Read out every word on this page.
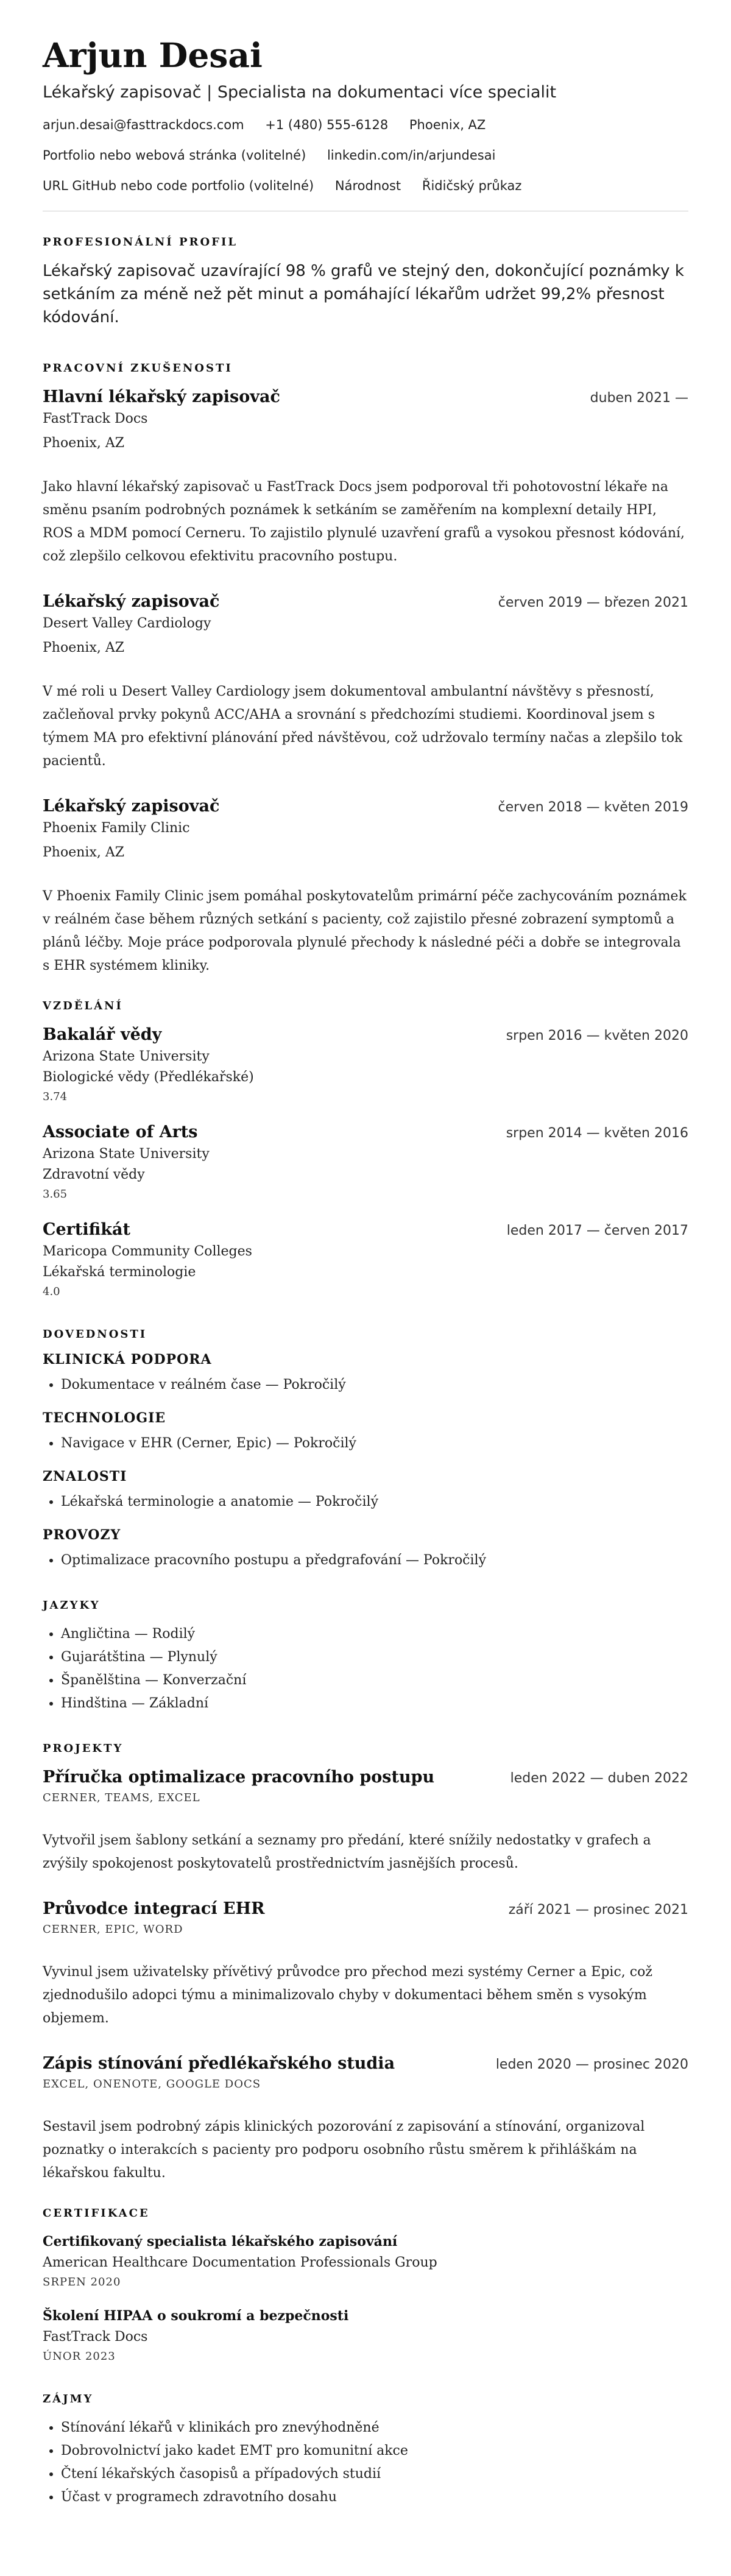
Arjun Desai
Lékařský zapisovač | Specialista na dokumentaci více specialit
arjun.desai@fasttrackdocs.com +1 (480) 555-6128 Phoenix, AZ
Portfolio nebo webová stránka (volitelné) linkedin.com/in/arjundesai
URL GitHub nebo code portfolio (volitelné) Národnost Řidičský průkaz
PROFESIONÁLNÍ PROFIL

Lékařský zapisovač uzavírající 98 % grafů ve stejný den, dokončující poznámky k setkáním za méně než pět minut a pomáhající lékařům udržet 99,2% přesnost kódování.

PRACOVNÍ ZKUŠENOSTI
Hlavní lékařský zapisovač	duben 2021 —
FastTrack Docs
Phoenix, AZ

Jako hlavní lékařský zapisovač u FastTrack Docs jsem podporoval tři pohotovostní lékaře na směnu psaním podrobných poznámek k setkáním se zaměřením na komplexní detaily HPI, ROS a MDM pomocí Cerneru. To zajistilo plynulé uzavření grafů a vysokou přesnost kódování, což zlepšilo celkovou efektivitu pracovního postupu.

Lékařský zapisovač	červen 2019 — březen 2021
Desert Valley Cardiology
Phoenix, AZ

V mé roli u Desert Valley Cardiology jsem dokumentoval ambulantní návštěvy s přesností, začleňoval prvky pokynů ACC/AHA a srovnání s předchozími studiemi. Koordinoval jsem s týmem MA pro efektivní plánování před návštěvou, což udržovalo termíny načas a zlepšilo tok pacientů.

Lékařský zapisovač	červen 2018 — květen 2019
Phoenix Family Clinic
Phoenix, AZ

V Phoenix Family Clinic jsem pomáhal poskytovatelům primární péče zachycováním poznámek v reálném čase během různých setkání s pacienty, což zajistilo přesné zobrazení symptomů a plánů léčby. Moje práce podporovala plynulé přechody k následné péči a dobře se integrovala s EHR systémem kliniky.

VZDĚLÁNÍ
Bakalář vědy	srpen 2016 — květen 2020
Arizona State University
Biologické vědy (Předlékařské)
3.74
Associate of Arts	srpen 2014 — květen 2016
Arizona State University
Zdravotní vědy
3.65
Certifikát	leden 2017 — červen 2017
Maricopa Community Colleges
Lékařská terminologie
4.0
DOVEDNOSTI
KLINICKÁ PODPORA
• Dokumentace v reálném čase — Pokročilý
TECHNOLOGIE
• Navigace v EHR (Cerner, Epic) — Pokročilý
ZNALOSTI
• Lékařská terminologie a anatomie — Pokročilý
PROVOZY
• Optimalizace pracovního postupu a předgrafování — Pokročilý
JAZYKY
• Angličtina — Rodilý
• Gujarátština — Plynulý
• Španělština — Konverzační
• Hindština — Základní
PROJEKTY
Příručka optimalizace pracovního postupu	leden 2022 — duben 2022
CERNER, TEAMS, EXCEL

Vytvořil jsem šablony setkání a seznamy pro předání, které snížily nedostatky v grafech a zvýšily spokojenost poskytovatelů prostřednictvím jasnějších procesů.

Průvodce integrací EHR	září 2021 — prosinec 2021
CERNER, EPIC, WORD

Vyvinul jsem uživatelsky přívětivý průvodce pro přechod mezi systémy Cerner a Epic, což zjednodušilo adopci týmu a minimalizovalo chyby v dokumentaci během směn s vysokým objemem.

Zápis stínování předlékařského studia	leden 2020 — prosinec 2020
EXCEL, ONENOTE, GOOGLE DOCS

Sestavil jsem podrobný zápis klinických pozorování z zapisování a stínování, organizoval poznatky o interakcích s pacienty pro podporu osobního růstu směrem k přihláškám na lékařskou fakultu.

CERTIFIKACE
Certifikovaný specialista lékařského zapisování
American Healthcare Documentation Professionals Group
SRPEN 2020
Školení HIPAA o soukromí a bezpečnosti
FastTrack Docs
ÚNOR 2023
ZÁJMY
• Stínování lékařů v klinikách pro znevýhodněné
• Dobrovolnictví jako kadet EMT pro komunitní akce
• Čtení lékařských časopisů a případových studií
• Účast v programech zdravotního dosahu
